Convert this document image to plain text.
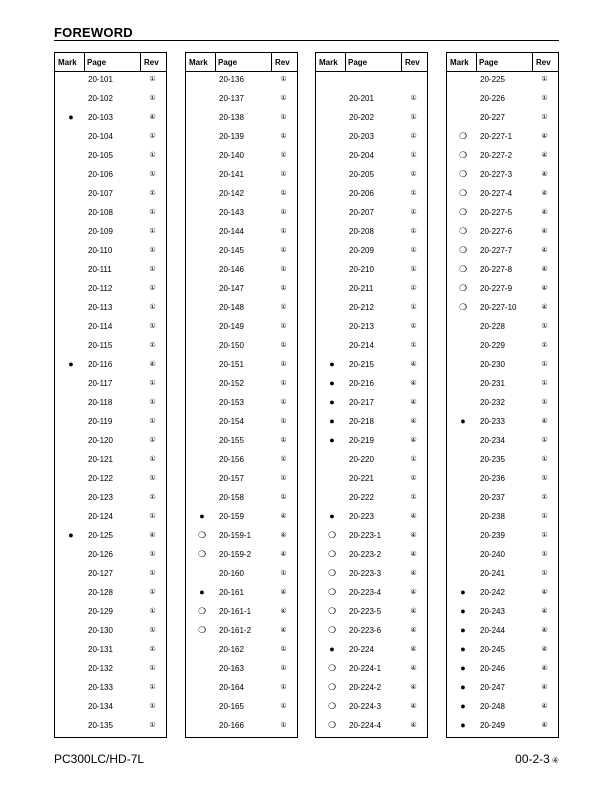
FOREWORD
Mark Page	Rev
20-101	①
20-102	①
● 20-103	④
20-104	①
20-105	①
20-106	①
20-107	①
20-108	①
20-109	①
20-110	①
20-111	①
20-112	①
20-113	①
20-114	①
20-115	①
● 20-116	④
20-117	①
20-118	①
20-119	①
20-120	①
20-121	①
20-122	①
20-123	①
20-124	①
● 20-125	④
20-126	①
20-127	①
20-128	①
20-129	①
20-130	①
20-131	①
20-132	①
20-133	①
20-134	①
20-135	①
Mark Page	Rev
20-136	①
20-137	①
20-138	①
20-139	①
20-140	①
20-141	①
20-142	①
20-143	①
20-144	①
20-145	①
20-146	①
20-147	①
20-148	①
20-149	①
20-150	①
20-151	①
20-152	①
20-153	①
20-154	①
20-155	①
20-156	①
20-157	①
20-158	①
● 20-159	④
❍ 20-159-1	④
❍ 20-159-2	④
20-160	①
● 20-161	④
❍ 20-161-1	④
❍ 20-161-2	④
20-162	①
20-163	①
20-164	①
20-165	①
20-166	①
Mark Page	Rev
20-201	①
20-202	①
20-203	①
20-204	①
20-205	①
20-206	①
20-207	①
20-208	①
20-209	①
20-210	①
20-211	①
20-212	①
20-213	①
20-214	①
● 20-215	④
● 20-216	④
● 20-217	④
● 20-218	④
● 20-219	④
20-220	①
20-221	①
20-222	①
● 20-223	④
❍ 20-223-1	④
❍ 20-223-2	④
❍ 20-223-3	④
❍ 20-223-4	④
❍ 20-223-5	④
❍ 20-223-6	④
● 20-224	④
❍ 20-224-1	④
❍ 20-224-2	④
❍ 20-224-3	④
❍ 20-224-4	④
Mark Page	Rev
20-225	①
20-226	①
20-227	①
❍ 20-227-1	④
❍ 20-227-2	④
❍ 20-227-3	④
❍ 20-227-4	④
❍ 20-227-5	④
❍ 20-227-6	④
❍ 20-227-7	④
❍ 20-227-8	④
❍ 20-227-9	④
❍ 20-227-10	④
20-228	①
20-229	①
20-230	①
20-231	①
20-232	①
● 20-233	④
20-234	①
20-235	①
20-236	①
20-237	①
20-238	①
20-239	①
20-240	①
20-241	①
● 20-242	④
● 20-243	④
● 20-244	④
● 20-245	④
● 20-246	④
● 20-247	④
● 20-248	④
● 20-249	④
PC300LC/HD-7L	00-2-3 ④
